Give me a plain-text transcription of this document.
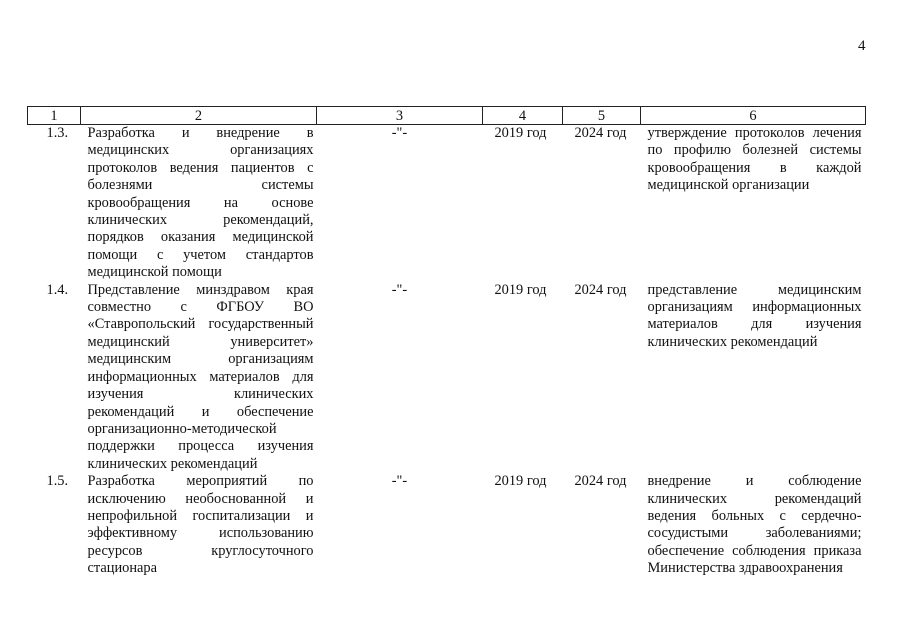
4
1	2	3	4	5	6
1.3.	Разработка и внедрение в медицинских организациях протоколов ведения пациентов с болезнями системы кровообращения на основе клинических рекомендаций, порядков оказания медицинской помощи с учетом стандартов медицинской помощи	-"-	2019 год	2024 год	утверждение протоколов лечения по профилю болезней системы кровообращения в каждой медицинской организации
1.4.	Представление минздравом края совместно с ФГБОУ ВО «Ставропольский государственный медицинский университет» медицинским организациям информационных материалов для изучения клинических рекомендаций и обеспечение организационно-методической поддержки процесса изучения клинических рекомендаций	-"-	2019 год	2024 год	представление медицинским организациям информационных материалов для изучения клинических рекомендаций
1.5.	Разработка мероприятий по исключению необоснованной и непрофильной госпитализации и эффективному использованию ресурсов круглосуточного стационара	-"-	2019 год	2024 год	внедрение и соблюдение клинических рекомендаций ведения больных с сердечно-сосудистыми заболеваниями; обеспечение соблюдения приказа Министерства здравоохранения
